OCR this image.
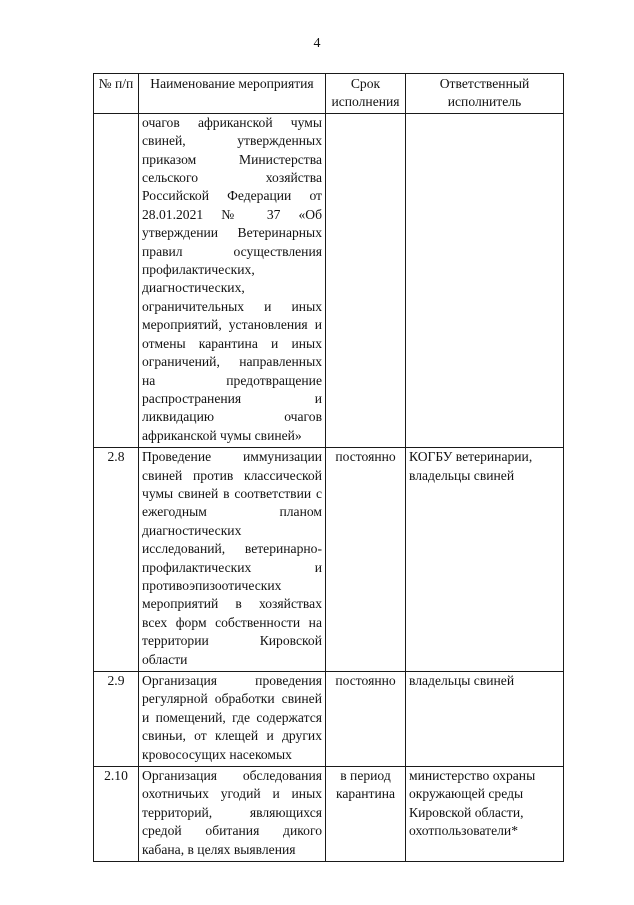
4
№ п/п	Наименование мероприятия	Срок исполнения	Ответственный исполнитель
	очагов африканской чумы свиней, утвержденных приказом Министерства сельского хозяйства Российской Федерации от 28.01.2021 № 37 «Об утверждении Ветеринарных правил осуществления профилактических, диагностических, ограничительных и иных мероприятий, установления и отмены карантина и иных ограничений, направленных на предотвращение распространения и ликвидацию очагов африканской чумы свиней»		
2.8	Проведение иммунизации свиней против классической чумы свиней в соответствии с ежегодным планом диагностических исследований, ветеринарно-профилактических и противоэпизоотических мероприятий в хозяйствах всех форм собственности на территории Кировской области	постоянно	КОГБУ ветеринарии, владельцы свиней
2.9	Организация проведения регулярной обработки свиней и помещений, где содержатся свиньи, от клещей и других кровососущих насекомых	постоянно	владельцы свиней
2.10	Организация обследования охотничьих угодий и иных территорий, являющихся средой обитания дикого кабана, в целях выявления	в период карантина	министерство охраны окружающей среды Кировской области, охотпользователи*
